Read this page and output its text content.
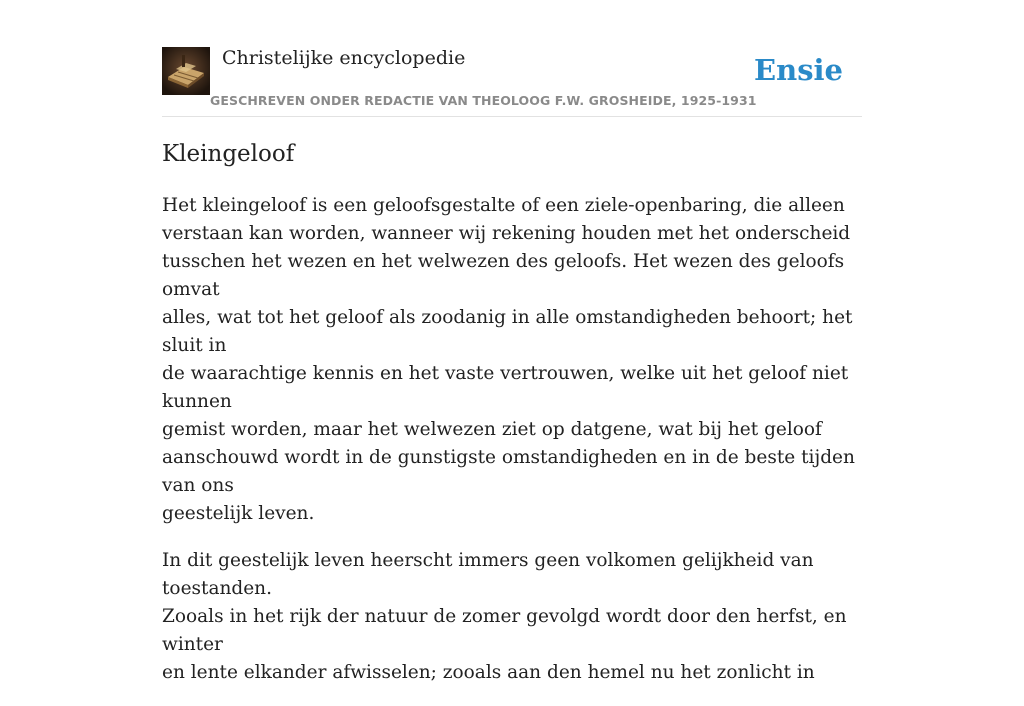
Christelijke encyclopedie
GESCHREVEN ONDER REDACTIE VAN THEOLOOG F.W. GROSHEIDE, 1925-1931
Ensie
Kleingeloof

Het kleingeloof is een geloofsgestalte of een ziele-openbaring, die alleen
verstaan kan worden, wanneer wij rekening houden met het onderscheid
tusschen het wezen en het welwezen des geloofs. Het wezen des geloofs omvat
alles, wat tot het geloof als zoodanig in alle omstandigheden behoort; het sluit in
de waarachtige kennis en het vaste vertrouwen, welke uit het geloof niet kunnen
gemist worden, maar het welwezen ziet op datgene, wat bij het geloof
aanschouwd wordt in de gunstigste omstandigheden en in de beste tijden van ons
geestelijk leven.

In dit geestelijk leven heerscht immers geen volkomen gelijkheid van toestanden.
Zooals in het rijk der natuur de zomer gevolgd wordt door den herfst, en winter
en lente elkander afwisselen; zooals aan den hemel nu het zonlicht in
